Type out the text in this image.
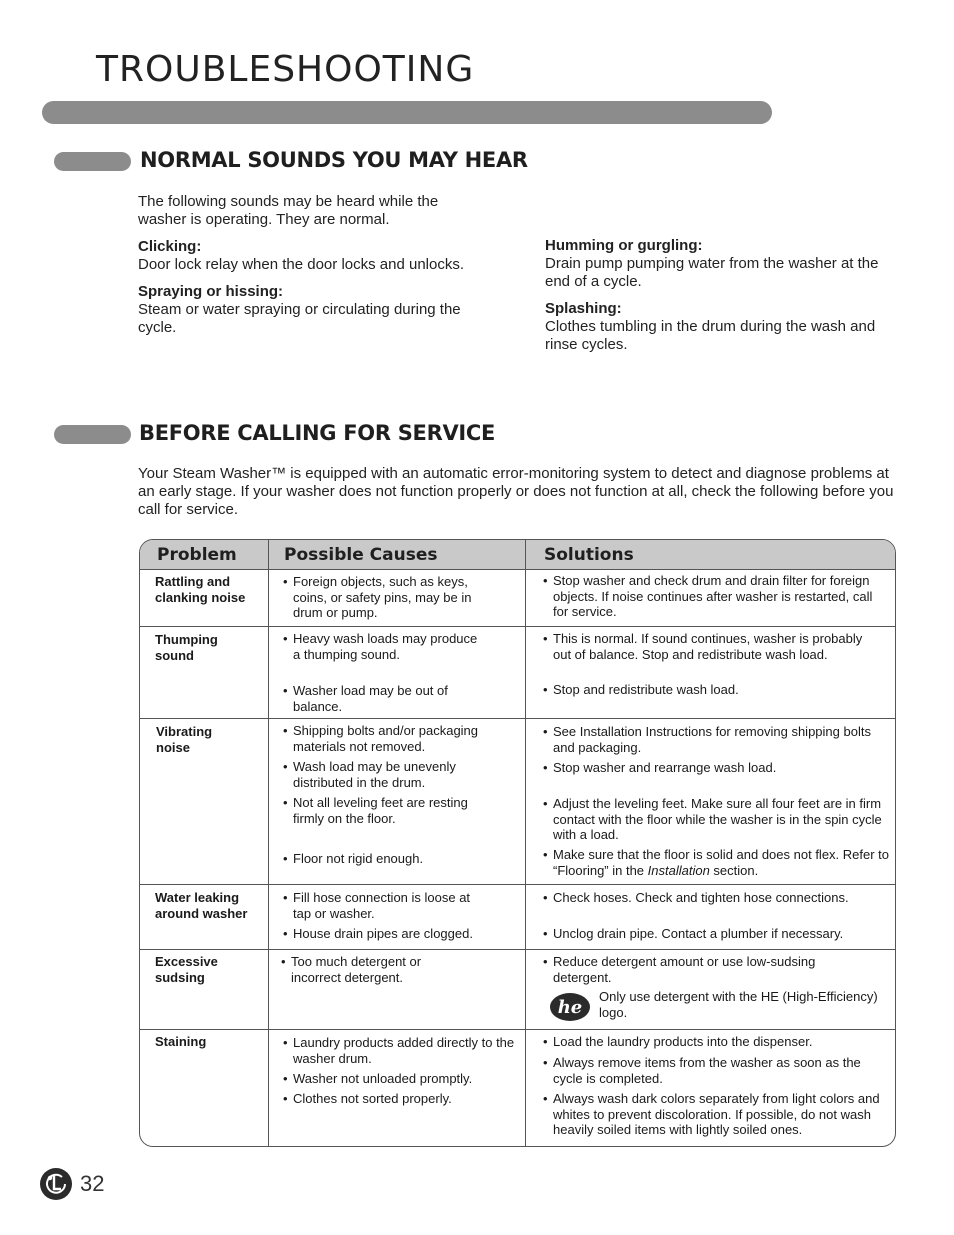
TROUBLESHOOTING
NORMAL SOUNDS YOU MAY HEAR

The following sounds may be heard while the washer is operating. They are normal.

Clicking:
Door lock relay when the door locks and unlocks.
Spraying or hissing:
Steam or water spraying or circulating during the cycle.
Humming or gurgling:
Drain pump pumping water from the washer at the end of a cycle.
Splashing:
Clothes tumbling in the drum during the wash and rinse cycles.
BEFORE CALLING FOR SERVICE

Your Steam Washer™ is equipped with an automatic error-monitoring system to detect and diagnose problems at an early stage. If your washer does not function properly or does not function at all, check the following before you call for service.

Problem	Possible Causes	Solutions
Rattling and clanking noise
• Foreign objects, such as keys, coins, or safety pins, may be in drum or pump.
• Stop washer and check drum and drain filter for foreign objects. If noise continues after washer is restarted, call for service.
Thumping sound
• Heavy wash loads may produce a thumping sound.
• Washer load may be out of balance.
• This is normal. If sound continues, washer is probably out of balance. Stop and redistribute wash load.
• Stop and redistribute wash load.
Vibrating noise
• Shipping bolts and/or packaging materials not removed.
• Wash load may be unevenly distributed in the drum.
• Not all leveling feet are resting firmly on the floor.
• Floor not rigid enough.
• See Installation Instructions for removing shipping bolts and packaging.
• Stop washer and rearrange wash load.
• Adjust the leveling feet. Make sure all four feet are in firm contact with the floor while the washer is in the spin cycle with a load.
• Make sure that the floor is solid and does not flex. Refer to “Flooring” in the Installation section.
Water leaking around washer
• Fill hose connection is loose at tap or washer.
• House drain pipes are clogged.
• Check hoses. Check and tighten hose connections.
• Unclog drain pipe. Contact a plumber if necessary.
Excessive sudsing
• Too much detergent or incorrect detergent.
• Reduce detergent amount or use low-sudsing detergent.
he
Only use detergent with the HE (High-Efficiency) logo.
Staining
•	Laundry products added directly to the washer drum.
• Washer not unloaded promptly.
• Clothes not sorted properly.
• Load the laundry products into the dispenser.
• Always remove items from the washer as soon as the cycle is completed.
• Always wash dark colors separately from light colors and whites to prevent discoloration. If possible, do not wash heavily soiled items with lightly soiled ones.
32
